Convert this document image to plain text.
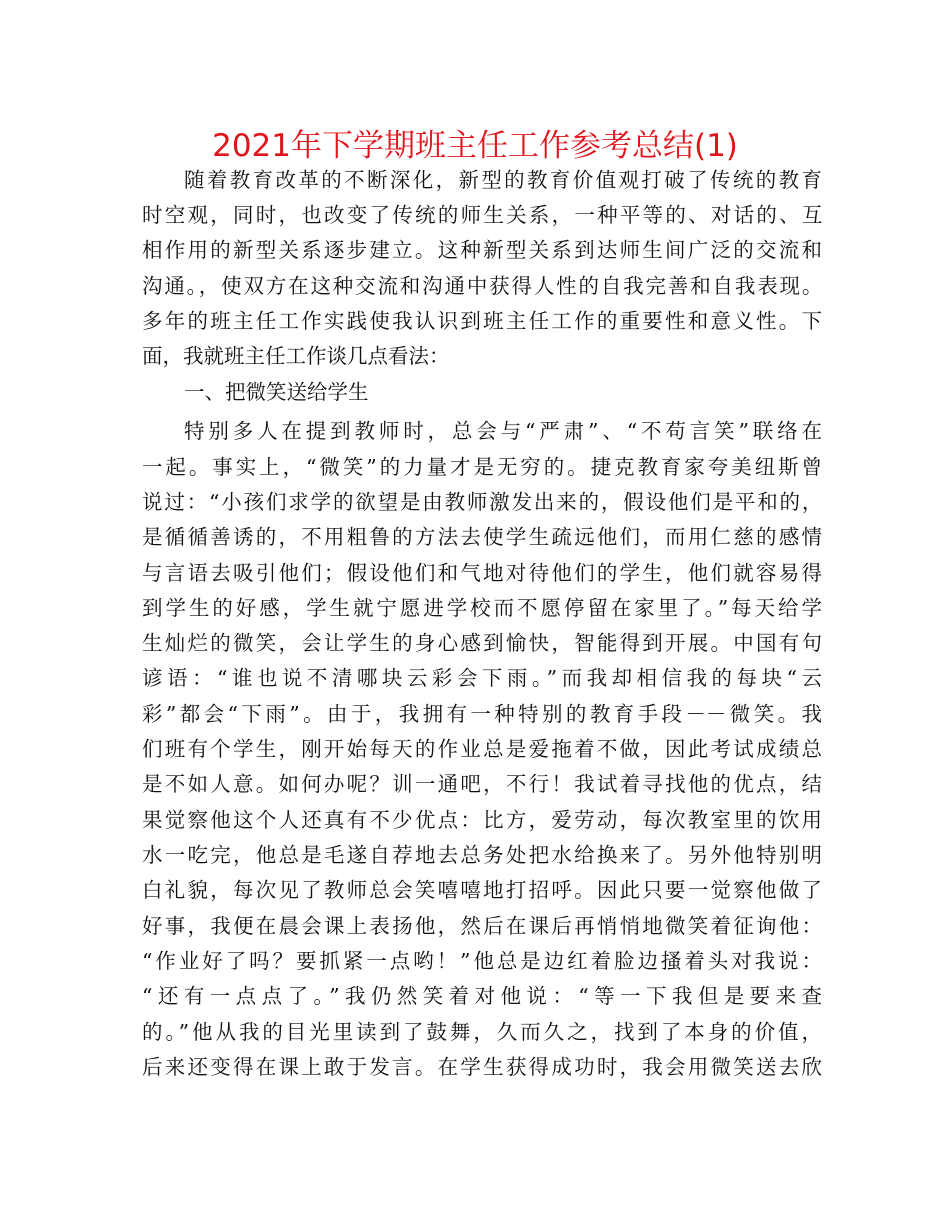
2021年下学期班主任工作参考总结(1)
随着教育改革的不断深化，新型的教育价值观打破了传统的教育
时空观，同时，也改变了传统的师生关系，一种平等的、对话的、互
相作用的新型关系逐步建立。这种新型关系到达师生间广泛的交流和
沟通。，使双方在这种交流和沟通中获得人性的自我完善和自我表现。
多年的班主任工作实践使我认识到班主任工作的重要性和意义性。下
面，我就班主任工作谈几点看法：
一、把微笑送给学生
特别多人在提到教师时，总会与“严肃”、“不苟言笑”联络在
一起。事实上，“微笑”的力量才是无穷的。捷克教育家夸美纽斯曾
说过：“小孩们求学的欲望是由教师激发出来的，假设他们是平和的，
是循循善诱的，不用粗鲁的方法去使学生疏远他们，而用仁慈的感情
与言语去吸引他们；假设他们和气地对待他们的学生，他们就容易得
到学生的好感，学生就宁愿进学校而不愿停留在家里了。”每天给学
生灿烂的微笑，会让学生的身心感到愉快，智能得到开展。中国有句
谚语：“谁也说不清哪块云彩会下雨。”而我却相信我的每块“云
彩”都会“下雨”。由于，我拥有一种特别的教育手段－－微笑。我
们班有个学生，刚开始每天的作业总是爱拖着不做，因此考试成绩总
是不如人意。如何办呢？训一通吧，不行！我试着寻找他的优点，结
果觉察他这个人还真有不少优点：比方，爱劳动，每次教室里的饮用
水一吃完，他总是毛遂自荐地去总务处把水给换来了。另外他特别明
白礼貌，每次见了教师总会笑嘻嘻地打招呼。因此只要一觉察他做了
好事，我便在晨会课上表扬他，然后在课后再悄悄地微笑着征询他：
“作业好了吗？要抓紧一点哟！”他总是边红着脸边搔着头对我说：
“还有一点点了。”我仍然笑着对他说：“等一下我但是要来查
的。”他从我的目光里读到了鼓舞，久而久之，找到了本身的价值，
后来还变得在课上敢于发言。在学生获得成功时，我会用微笑送去欣
